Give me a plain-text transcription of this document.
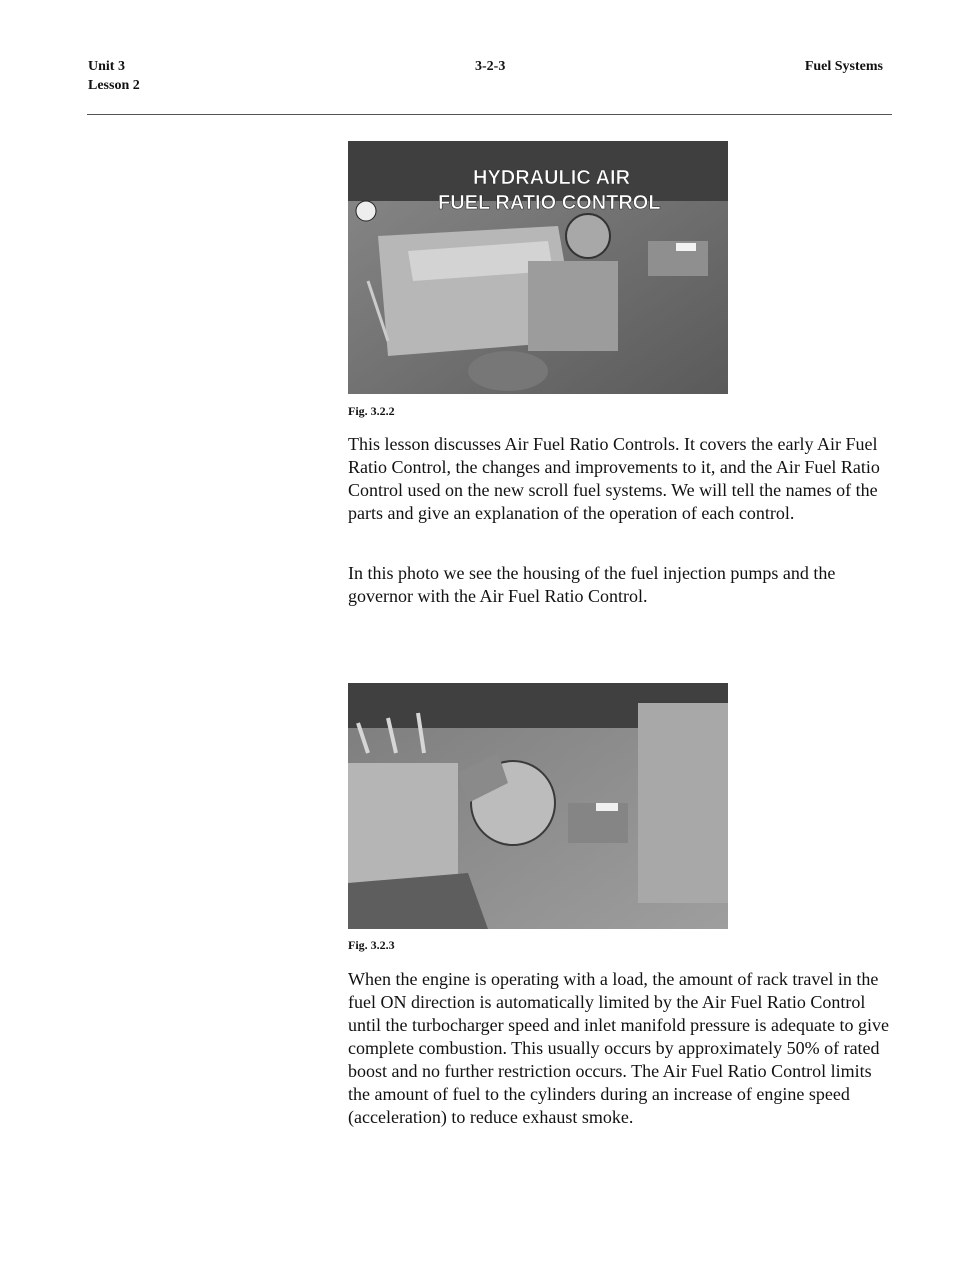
Unit 3
Lesson 2
3-2-3	Fuel Systems
HYDRAULIC AIR
FUEL RATIO CONTROL
Fig. 3.2.2

This lesson discusses Air Fuel Ratio Controls. It covers the early Air Fuel Ratio Control, the changes and improvements to it, and the Air Fuel Ratio Control used on the new scroll fuel systems. We will tell the names of the parts and give an explanation of the operation of each control.

In this photo we see the housing of the fuel injection pumps and the governor with the Air Fuel Ratio Control.

Fig. 3.2.3

When the engine is operating with a load, the amount of rack travel in the fuel ON direction is automatically limited by the Air Fuel Ratio Control until the turbocharger speed and inlet manifold pressure is adequate to give complete combustion. This usually occurs by approximately 50% of rated boost and no further restriction occurs. The Air Fuel Ratio Control limits the amount of fuel to the cylinders during an increase of engine speed (acceleration) to reduce exhaust smoke.
